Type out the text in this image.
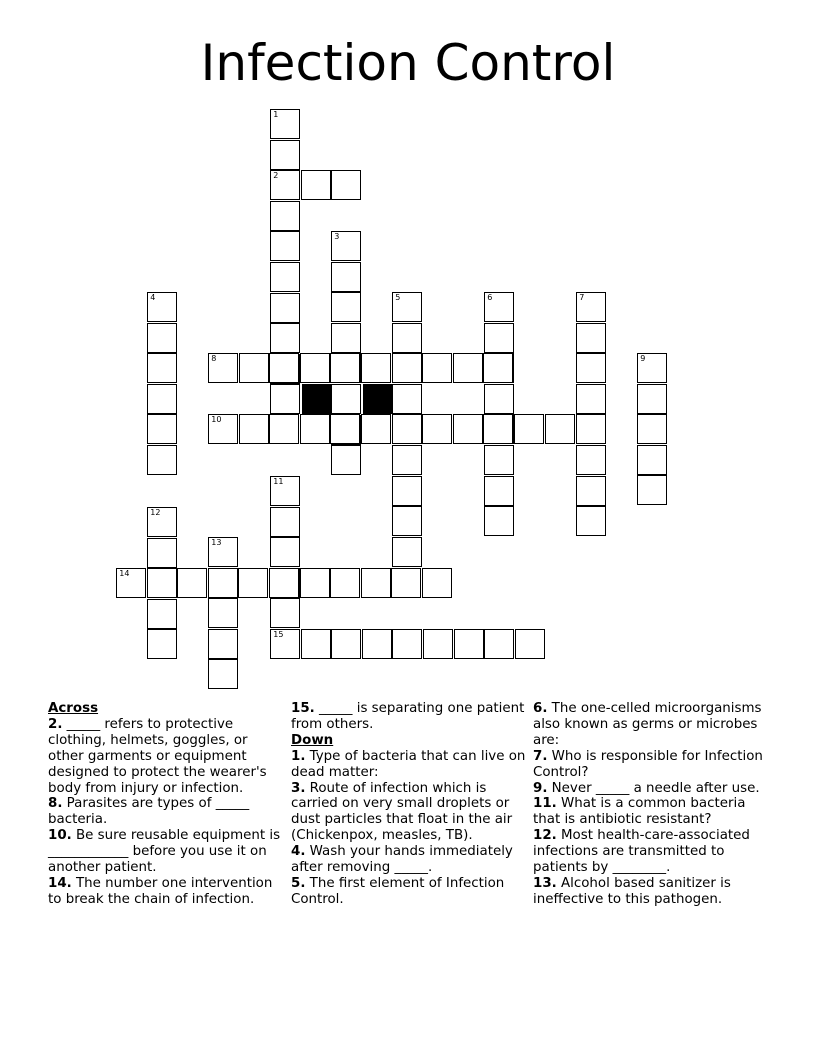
Infection Control
1
2
3
4	5	6	7
9
8
10
11
12
13
14
15
Across
2. _____ refers to protective clothing, helmets, goggles, or other garments or equipment designed to protect the wearer's body from injury or infection.
8. Parasites are types of _____ bacteria.
10. Be sure reusable equipment is ____________ before you use it on another patient.
14. The number one intervention to break the chain of infection.
15. _____ is separating one patient from others.
Down
1. Type of bacteria that can live on dead matter:
3. Route of infection which is carried on very small droplets or dust particles that float in the air (Chickenpox, measles, TB).
4. Wash your hands immediately after removing _____.
5. The first element of Infection Control.
6. The one-celled microorganisms also known as germs or microbes are:
7. Who is responsible for Infection Control?
9. Never _____ a needle after use.
11. What is a common bacteria that is antibiotic resistant?
12. Most health-care-associated infections are transmitted to patients by ________.
13. Alcohol based sanitizer is ineffective to this pathogen.
